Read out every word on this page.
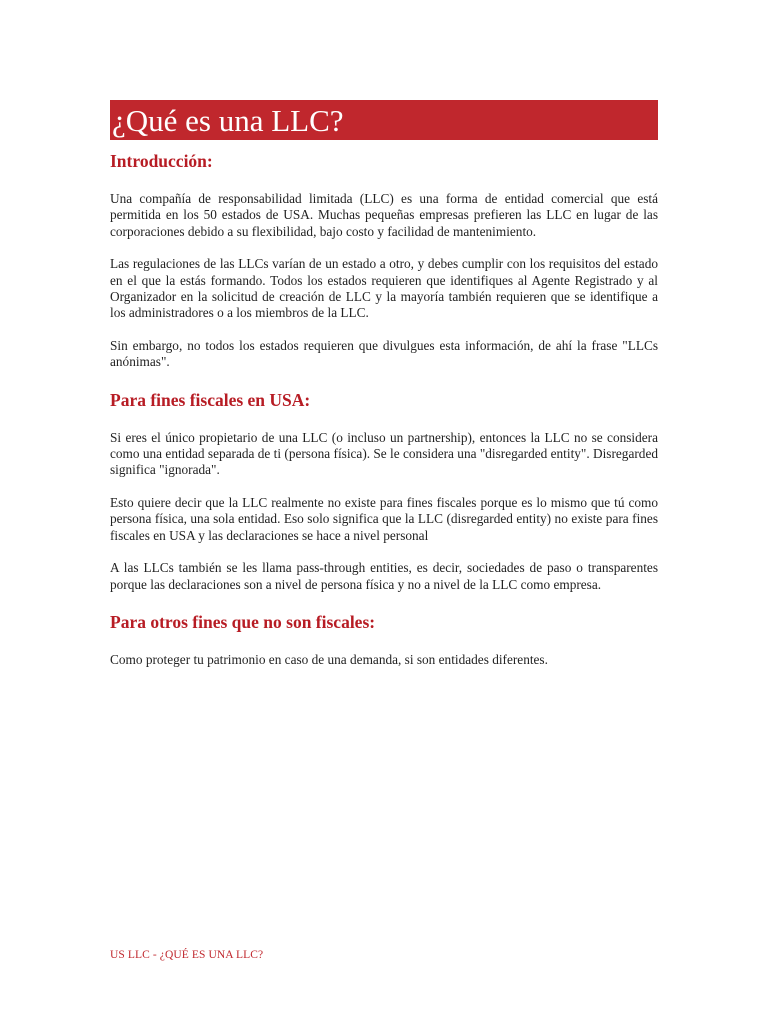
¿Qué es una LLC?
Introducción:

Una compañía de responsabilidad limitada (LLC) es una forma de entidad comercial que está permitida en los 50 estados de USA. Muchas pequeñas empresas prefieren las LLC en lugar de las corporaciones debido a su flexibilidad, bajo costo y facilidad de mantenimiento.

Las regulaciones de las LLCs varían de un estado a otro, y debes cumplir con los requisitos del estado en el que la estás formando. Todos los estados requieren que identifiques al Agente Registrado y al Organizador en la solicitud de creación de LLC y la mayoría también requieren que se identifique a los administradores o a los miembros de la LLC.

Sin embargo, no todos los estados requieren que divulgues esta información, de ahí la frase "LLCs anónimas".

Para fines fiscales en USA:

Si eres el único propietario de una LLC (o incluso un partnership), entonces la LLC no se considera como una entidad separada de ti (persona física). Se le considera una "disregarded entity". Disregarded significa "ignorada".

Esto quiere decir que la LLC realmente no existe para fines fiscales porque es lo mismo que tú como persona física, una sola entidad. Eso solo significa que la LLC (disregarded entity) no existe para fines fiscales en USA y las declaraciones se hace a nivel personal

A las LLCs también se les llama pass-through entities, es decir, sociedades de paso o transparentes porque las declaraciones son a nivel de persona física y no a nivel de la LLC como empresa.

Para otros fines que no son fiscales:

Como proteger tu patrimonio en caso de una demanda, si son entidades diferentes.

US LLC - ¿QUÉ ES UNA LLC?
